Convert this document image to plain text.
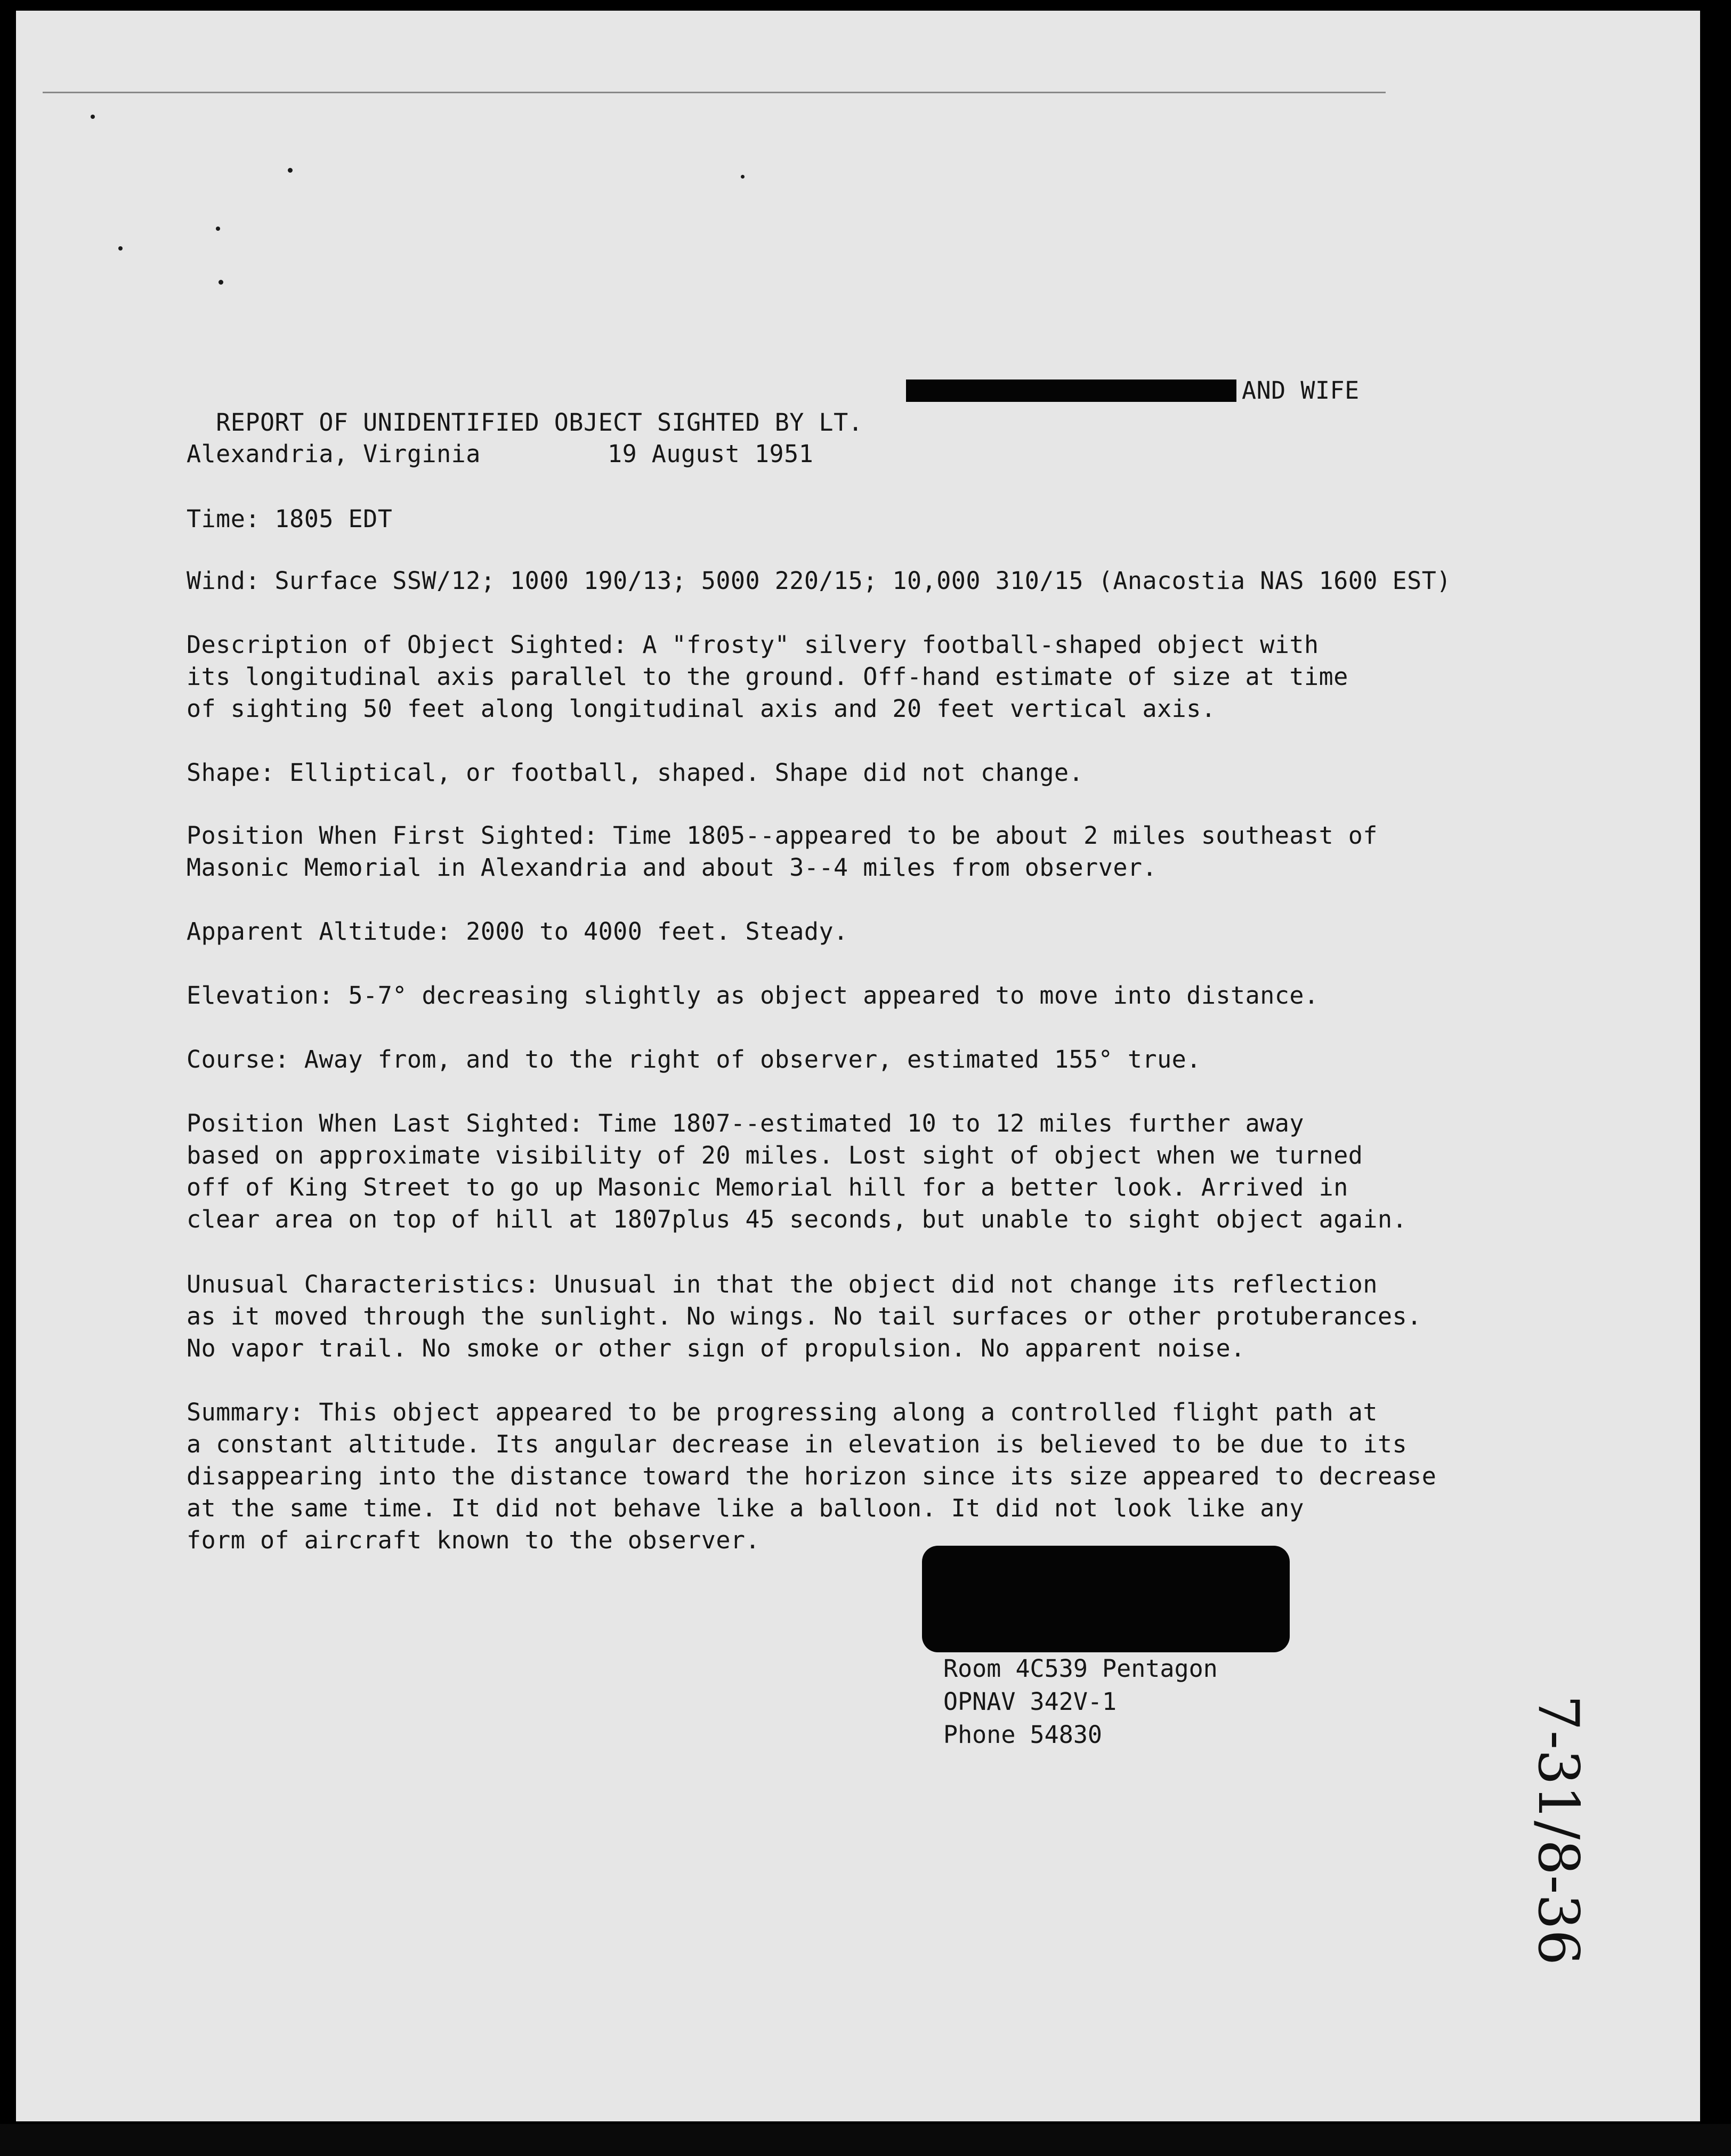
REPORT OF UNIDENTIFIED OBJECT SIGHTED BY LT.

AND WIFE
Alexandria, Virginia	19 August 1951
Time: 1805 EDT
Wind: Surface SSW/12; 1000 190/13; 5000 220/15; 10,000 310/15 (Anacostia NAS 1600 EST)
Description of Object Sighted: A "frosty" silvery football-shaped object with
its longitudinal axis parallel to the ground. Off-hand estimate of size at time
of sighting 50 feet along longitudinal axis and 20 feet vertical axis.
Shape: Elliptical, or football, shaped. Shape did not change.
Position When First Sighted: Time 1805--appeared to be about 2 miles southeast of
Masonic Memorial in Alexandria and about 3--4 miles from observer.
Apparent Altitude: 2000 to 4000 feet. Steady.
Elevation: 5-7° decreasing slightly as object appeared to move into distance.
Course: Away from, and to the right of observer, estimated 155° true.
Position When Last Sighted: Time 1807--estimated 10 to 12 miles further away
based on approximate visibility of 20 miles. Lost sight of object when we turned
off of King Street to go up Masonic Memorial hill for a better look. Arrived in
clear area on top of hill at 1807plus 45 seconds, but unable to sight object again.
Unusual Characteristics: Unusual in that the object did not change its reflection
as it moved through the sunlight. No wings. No tail surfaces or other protuberances.
No vapor trail. No smoke or other sign of propulsion. No apparent noise.
Summary: This object appeared to be progressing along a controlled flight path at
a constant altitude. Its angular decrease in elevation is believed to be due to its
disappearing into the distance toward the horizon since its size appeared to decrease
at the same time. It did not behave like a balloon. It did not look like any
form of aircraft known to the observer.
Room 4C539 Pentagon
OPNAV 342V-1
Phone 54830	7-31/8-36
